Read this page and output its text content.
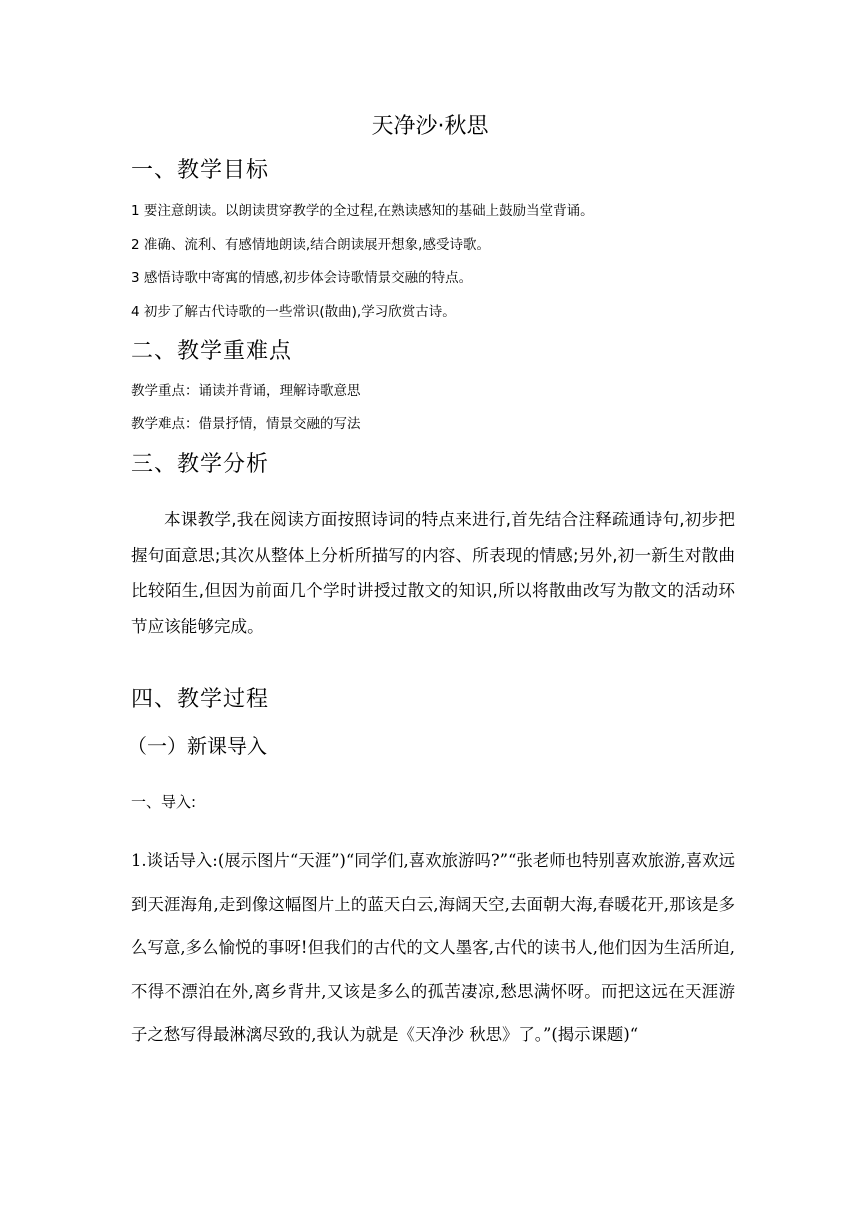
天净沙·秋思
一、教学目标
1 要注意朗读。以朗读贯穿教学的全过程,在熟读感知的基础上鼓励当堂背诵。
2 准确、流利、有感情地朗读,结合朗读展开想象,感受诗歌。
3 感悟诗歌中寄寓的情感,初步体会诗歌情景交融的特点。
4 初步了解古代诗歌的一些常识(散曲),学习欣赏古诗。
二、教学重难点
教学重点：诵读并背诵，理解诗歌意思
教学难点：借景抒情，情景交融的写法
三、教学分析
本课教学,我在阅读方面按照诗词的特点来进行,首先结合注释疏通诗句,初步把握句面意思;其次从整体上分析所描写的内容、所表现的情感;另外,初一新生对散曲比较陌生,但因为前面几个学时讲授过散文的知识,所以将散曲改写为散文的活动环节应该能够完成。
四、教学过程
（一）新课导入
一、导入:
1.谈话导入:(展示图片“天涯”)“同学们,喜欢旅游吗?”“张老师也特别喜欢旅游,喜欢远到天涯海角,走到像这幅图片上的蓝天白云,海阔天空,去面朝大海,春暖花开,那该是多么写意,多么愉悦的事呀!但我们的古代的文人墨客,古代的读书人,他们因为生活所迫,不得不漂泊在外,离乡背井,又该是多么的孤苦凄凉,愁思满怀呀。而把这远在天涯游子之愁写得最淋漓尽致的,我认为就是《天净沙 秋思》了。”(揭示课题)“
